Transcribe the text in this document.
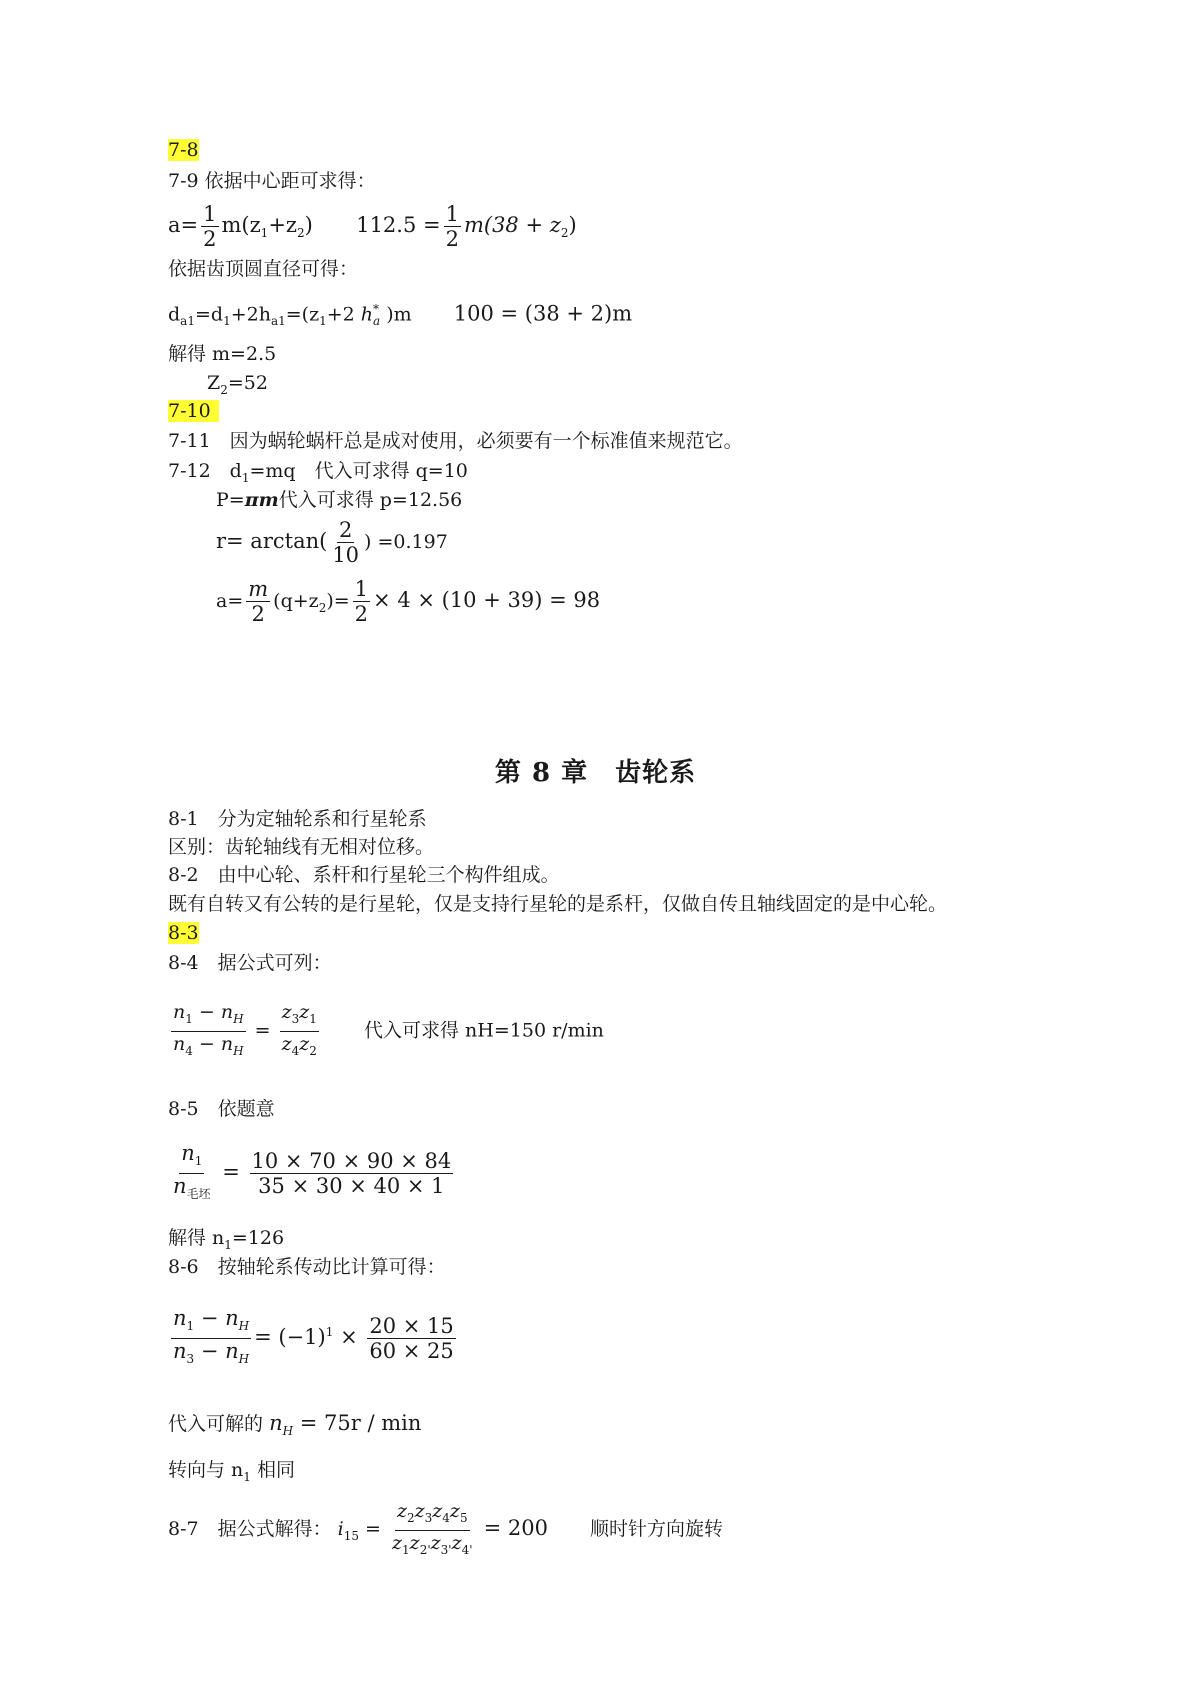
7-8
7-9 依据中心距可求得：
$a= \frac{1}{2} m(z_1+z_2) 112.5 = \frac{1}{2} m(38 + z_2)$
依据齿顶圆直径可得：
$d_{a1}=d_1+2h_{a1}=(z_1+2$ $h^*_a$ )m  100 = (38 + 2)m
解得 m=2.5
$Z_2=52$
7-10
7-11　因为蜗轮蜗杆总是成对使用，必须要有一个标准值来规范它。
7-12　$d_1=mq$　代入可求得 q=10
P=πm代入可求得 p=12.56
$r= \arctan( \frac{2}{10}$ ) =0.197
$a= \frac{m}{2} (q+z_2)= \frac{1}{2} \times 4 \times (10 + 39) = 98$
第 8 章　齿轮系
8-1　分为定轴轮系和行星轮系
区别：齿轮轴线有无相对位移。
8-2　由中心轮、系杆和行星轮三个构件组成。
既有自转又有公转的是行星轮，仅是支持行星轮的是系杆，仅做自传且轴线固定的是中心轮。
8-3
8-4　据公式可列：
$\frac{n_1 - n_H}{n_4 - n_H} = \frac{z_3z_1}{z_4z_2}$ 代入可求得 nH=150 r/min
8-5　依题意
$\frac{n_1}{n_{毛坯}} = \frac{10 \times 70 \times 90 \times 84}{35 \times 30 \times 40 \times 1}$
解得 $n_1=126$
8-6　按轴轮系传动比计算可得：
$\frac{n_1 - n_H}{n_3 - n_H} = (-1)^1 \times \frac{20 \times 15}{60 \times 25}$
代入可解的 $n_H = 75r / \min$
转向与 $n_1$ 相同
8-7　据公式解得： $i_{15} = \frac{z_2z_3z_4z_5}{z_1z_{2'}z_{3'}z_{4'}} = 200$ 顺时针方向旋转
